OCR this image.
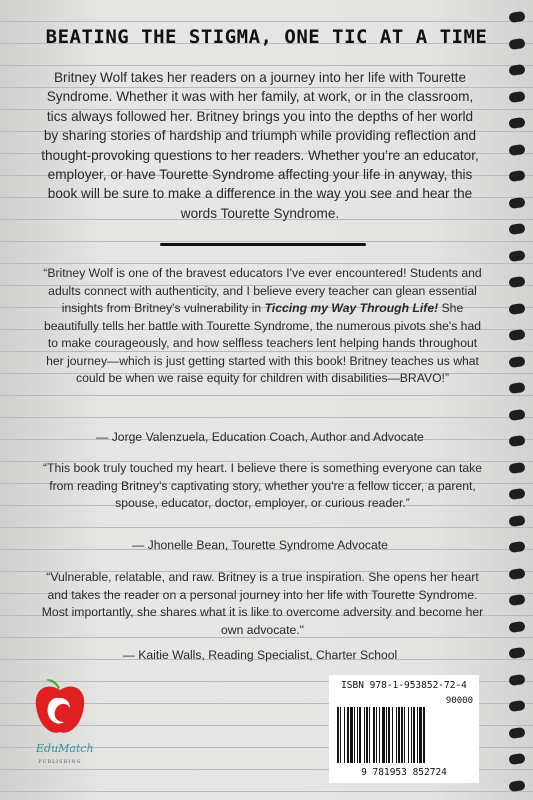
BEATING THE STIGMA, ONE TIC AT A TIME

Britney Wolf takes her readers on a journey into her life with Tourette Syndrome. Whether it was with her family, at work, or in the classroom, tics always followed her. Britney brings you into the depths of her world by sharing stories of hardship and triumph while providing reflection and thought-provoking questions to her readers. Whether you’re an educator, employer, or have Tourette Syndrome affecting your life in anyway, this book will be sure to make a difference in the way you see and hear the words Tourette Syndrome.

“Britney Wolf is one of the bravest educators I've ever encountered! Students and adults connect with authenticity, and I believe every teacher can glean essential insights from Britney's vulnerability in Ticcing my Way Through Life! She beautifully tells her battle with Tourette Syndrome, the numerous pivots she's had to make courageously, and how selfless teachers lent helping hands throughout her journey—which is just getting started with this book! Britney teaches us what could be when we raise equity for children with disabilities—BRAVO!”

— Jorge Valenzuela, Education Coach, Author and Advocate

“This book truly touched my heart. I believe there is something everyone can take from reading Britney’s captivating story, whether you're a fellow ticcer, a parent, spouse, educator, doctor, employer, or curious reader.”

— Jhonelle Bean, Tourette Syndrome Advocate

“Vulnerable, relatable, and raw. Britney is a true inspiration. She opens her heart and takes the reader on a personal journey into her life with Tourette Syndrome. Most importantly, she shares what it is like to overcome adversity and become her own advocate."

— Kaitie Walls, Reading Specialist, Charter School

EduMatch
PUBLISHING
ISBN 978-1-953852-72-4
90000
9 781953 852724
